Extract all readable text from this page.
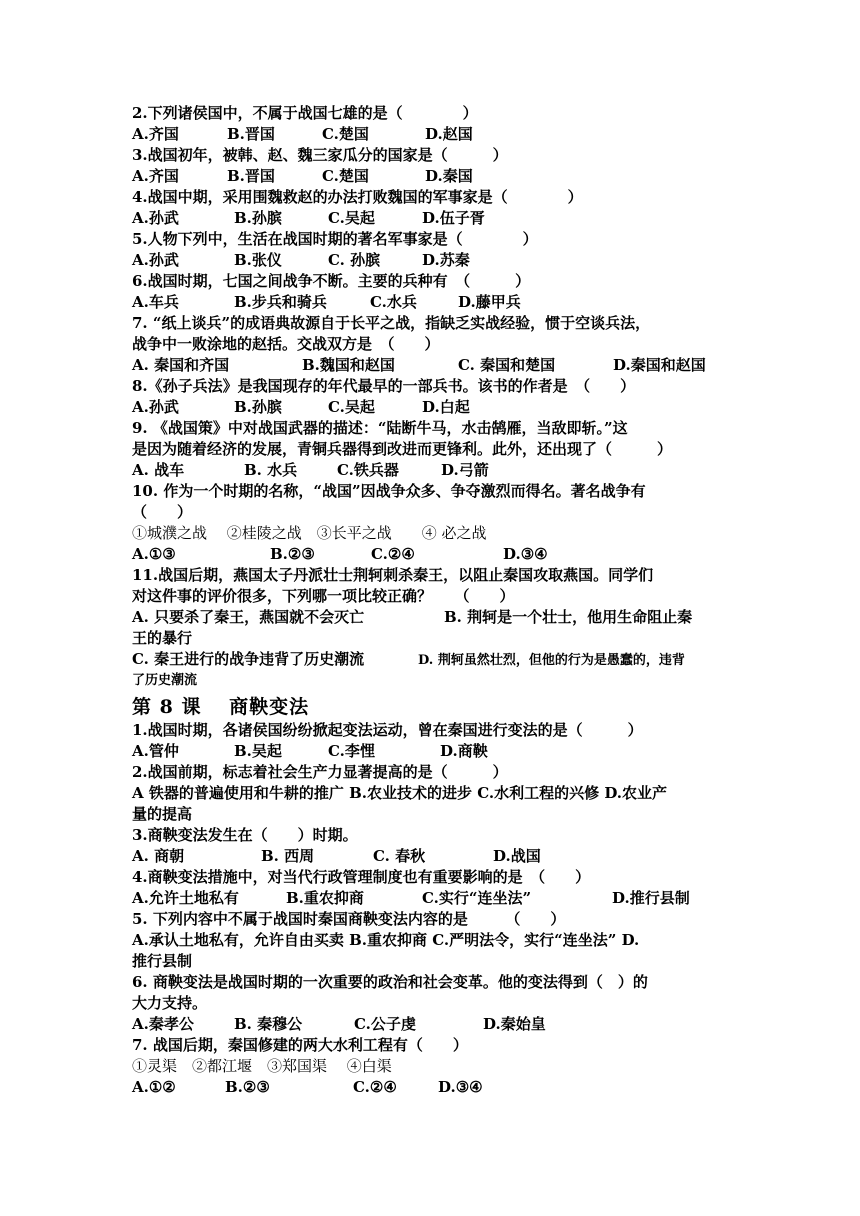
2.下列诸侯国中，不属于战国七雄的是（　　　　）
A.齐国	B.晋国	C.楚国	D.赵国
3.战国初年，被韩、赵、魏三家瓜分的国家是（　　　）
A.齐国	B.晋国	C.楚国	D.秦国
4.战国中期，采用围魏救赵的办法打败魏国的军事家是（　　　　）
A.孙武	B.孙膑	C.吴起	D.伍子胥
5.人物下列中，生活在战国时期的著名军事家是（　　　　）
A.孙武	B.张仪	C. 孙膑	D.苏秦
6.战国时期，七国之间战争不断。主要的兵种有　（　　　）
A.车兵	B.步兵和骑兵	C.水兵	D.藤甲兵
7. “纸上谈兵”的成语典故源自于长平之战，指缺乏实战经验，惯于空谈兵法，
战争中一败涂地的赵括。交战双方是　（　　）
A. 秦国和齐国	B.魏国和赵国	C. 秦国和楚国	D.秦国和赵国
8.《孙子兵法》是我国现存的年代最早的一部兵书。该书的作者是　（　　）
A.孙武	B.孙膑	C.吴起	D.白起
9. 《战国策》中对战国武器的描述：“陆断牛马，水击鹄雁，当敌即斩。”这
是因为随着经济的发展，青铜兵器得到改进而更锋利。此外，还出现了（　　　）
A. 战车	B. 水兵	C.铁兵器	D.弓箭
10. 作为一个时期的名称，“战国”因战争众多、争夺激烈而得名。著名战争有
（　　）
①城濮之战　 ②桂陵之战　③长平之战　　④ 必之战
A.①③	B.②③	C.②④	D.③④
11.战国后期，燕国太子丹派壮士荆轲刺杀秦王，以阻止秦国攻取燕国。同学们
对这件事的评价很多，下列哪一项比较正确？　　（　　）
A. 只要杀了秦王，燕国就不会灭亡	B. 荆轲是一个壮士，他用生命阻止秦
王的暴行
C. 秦王进行的战争违背了历史潮流	D. 荆轲虽然壮烈，但他的行为是愚蠢的，违背
了历史潮流
第 8 课　 商鞅变法
1.战国时期，各诸侯国纷纷掀起变法运动，曾在秦国进行变法的是（　　　）
A.管仲	B.吴起	C.李悝	D.商鞅
2.战国前期，标志着社会生产力显著提高的是（　　　）
A 铁器的普遍使用和牛耕的推广 B.农业技术的进步 C.水利工程的兴修 D.农业产
量的提高
3.商鞅变法发生在（　　）时期。
A. 商朝	B. 西周	C. 春秋	D.战国
4.商鞅变法措施中，对当代行政管理制度也有重要影响的是　（　　）
A.允许土地私有	B.重农抑商	C.实行“连坐法”	D.推行县制
5. 下列内容中不属于战国时秦国商鞅变法内容的是　　　（　　）
A.承认土地私有，允许自由买卖 B.重农抑商 C.严明法令，实行“连坐法” D.
推行县制
6. 商鞅变法是战国时期的一次重要的政治和社会变革。他的变法得到（　）的
大力支持。
A.秦孝公	B. 秦穆公	C.公子虔	D.秦始皇
7. 战国后期，秦国修建的两大水利工程有（　　）
①灵渠　②都江堰　③郑国渠　 ④白渠
A.①②	B.②③	C.②④	D.③④
